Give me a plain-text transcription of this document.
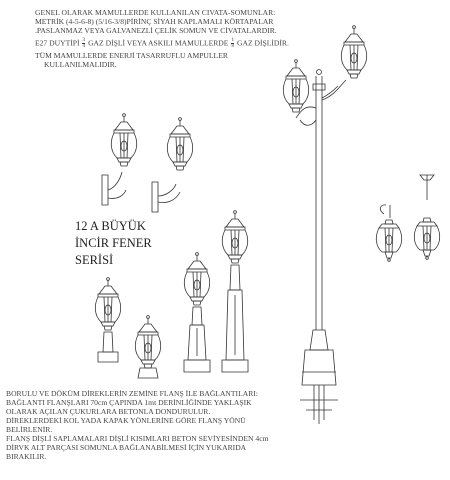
GENEL OLARAK MAMULLERDE KULLANILAN CIVATA-SOMUNLAR:
METRİK (4-5-6-8) (5/16-3/8)PİRİNÇ SİYAH KAPLAMALI KÖRTAPALAR
.PASLANMAZ VEYA GALVANEZLİ ÇELİK SOMUN VE CİVATALARDIR.
E27 DUYTİPİ $\frac{3}{4}$ GAZ DİŞLİ VEYA ASKILI MAMULLERDE $\frac{1}{8}$ GAZ DİŞLİDİR.
TÜM MAMULLERDE ENERJİ TASARRUFLU AMPULLER
KULLANILMALIDIR.
12 A BÜYÜK
İNCİR FENER
SERİSİ
BORULU VE DÖKÜM DİREKLERİN ZEMİNE FLANŞ İLE BAĞLANTILARI:
BAĞLANTI FLANŞLARI 70cm ÇAPINDA 1mt DERİNLİĞİNDE YAKLAŞIK
OLARAK AÇILAN ÇUKURLARA BETONLA DONDURULUR.
DİREKLERDEKİ KOL YADA KAPAK YÖNLERİNE GÖRE FLANŞ YÖNÜ
BELİRLENİR.
FLANŞ DİŞLİ SAPLAMALARI DİŞLİ KISIMLARI BETON SEVİYESİNDEN 4cm
DİRVK ALT PARÇASI SOMUNLA BAĞLANABİLMESİ İÇİN YUKARIDA
BIRAKILIR.
